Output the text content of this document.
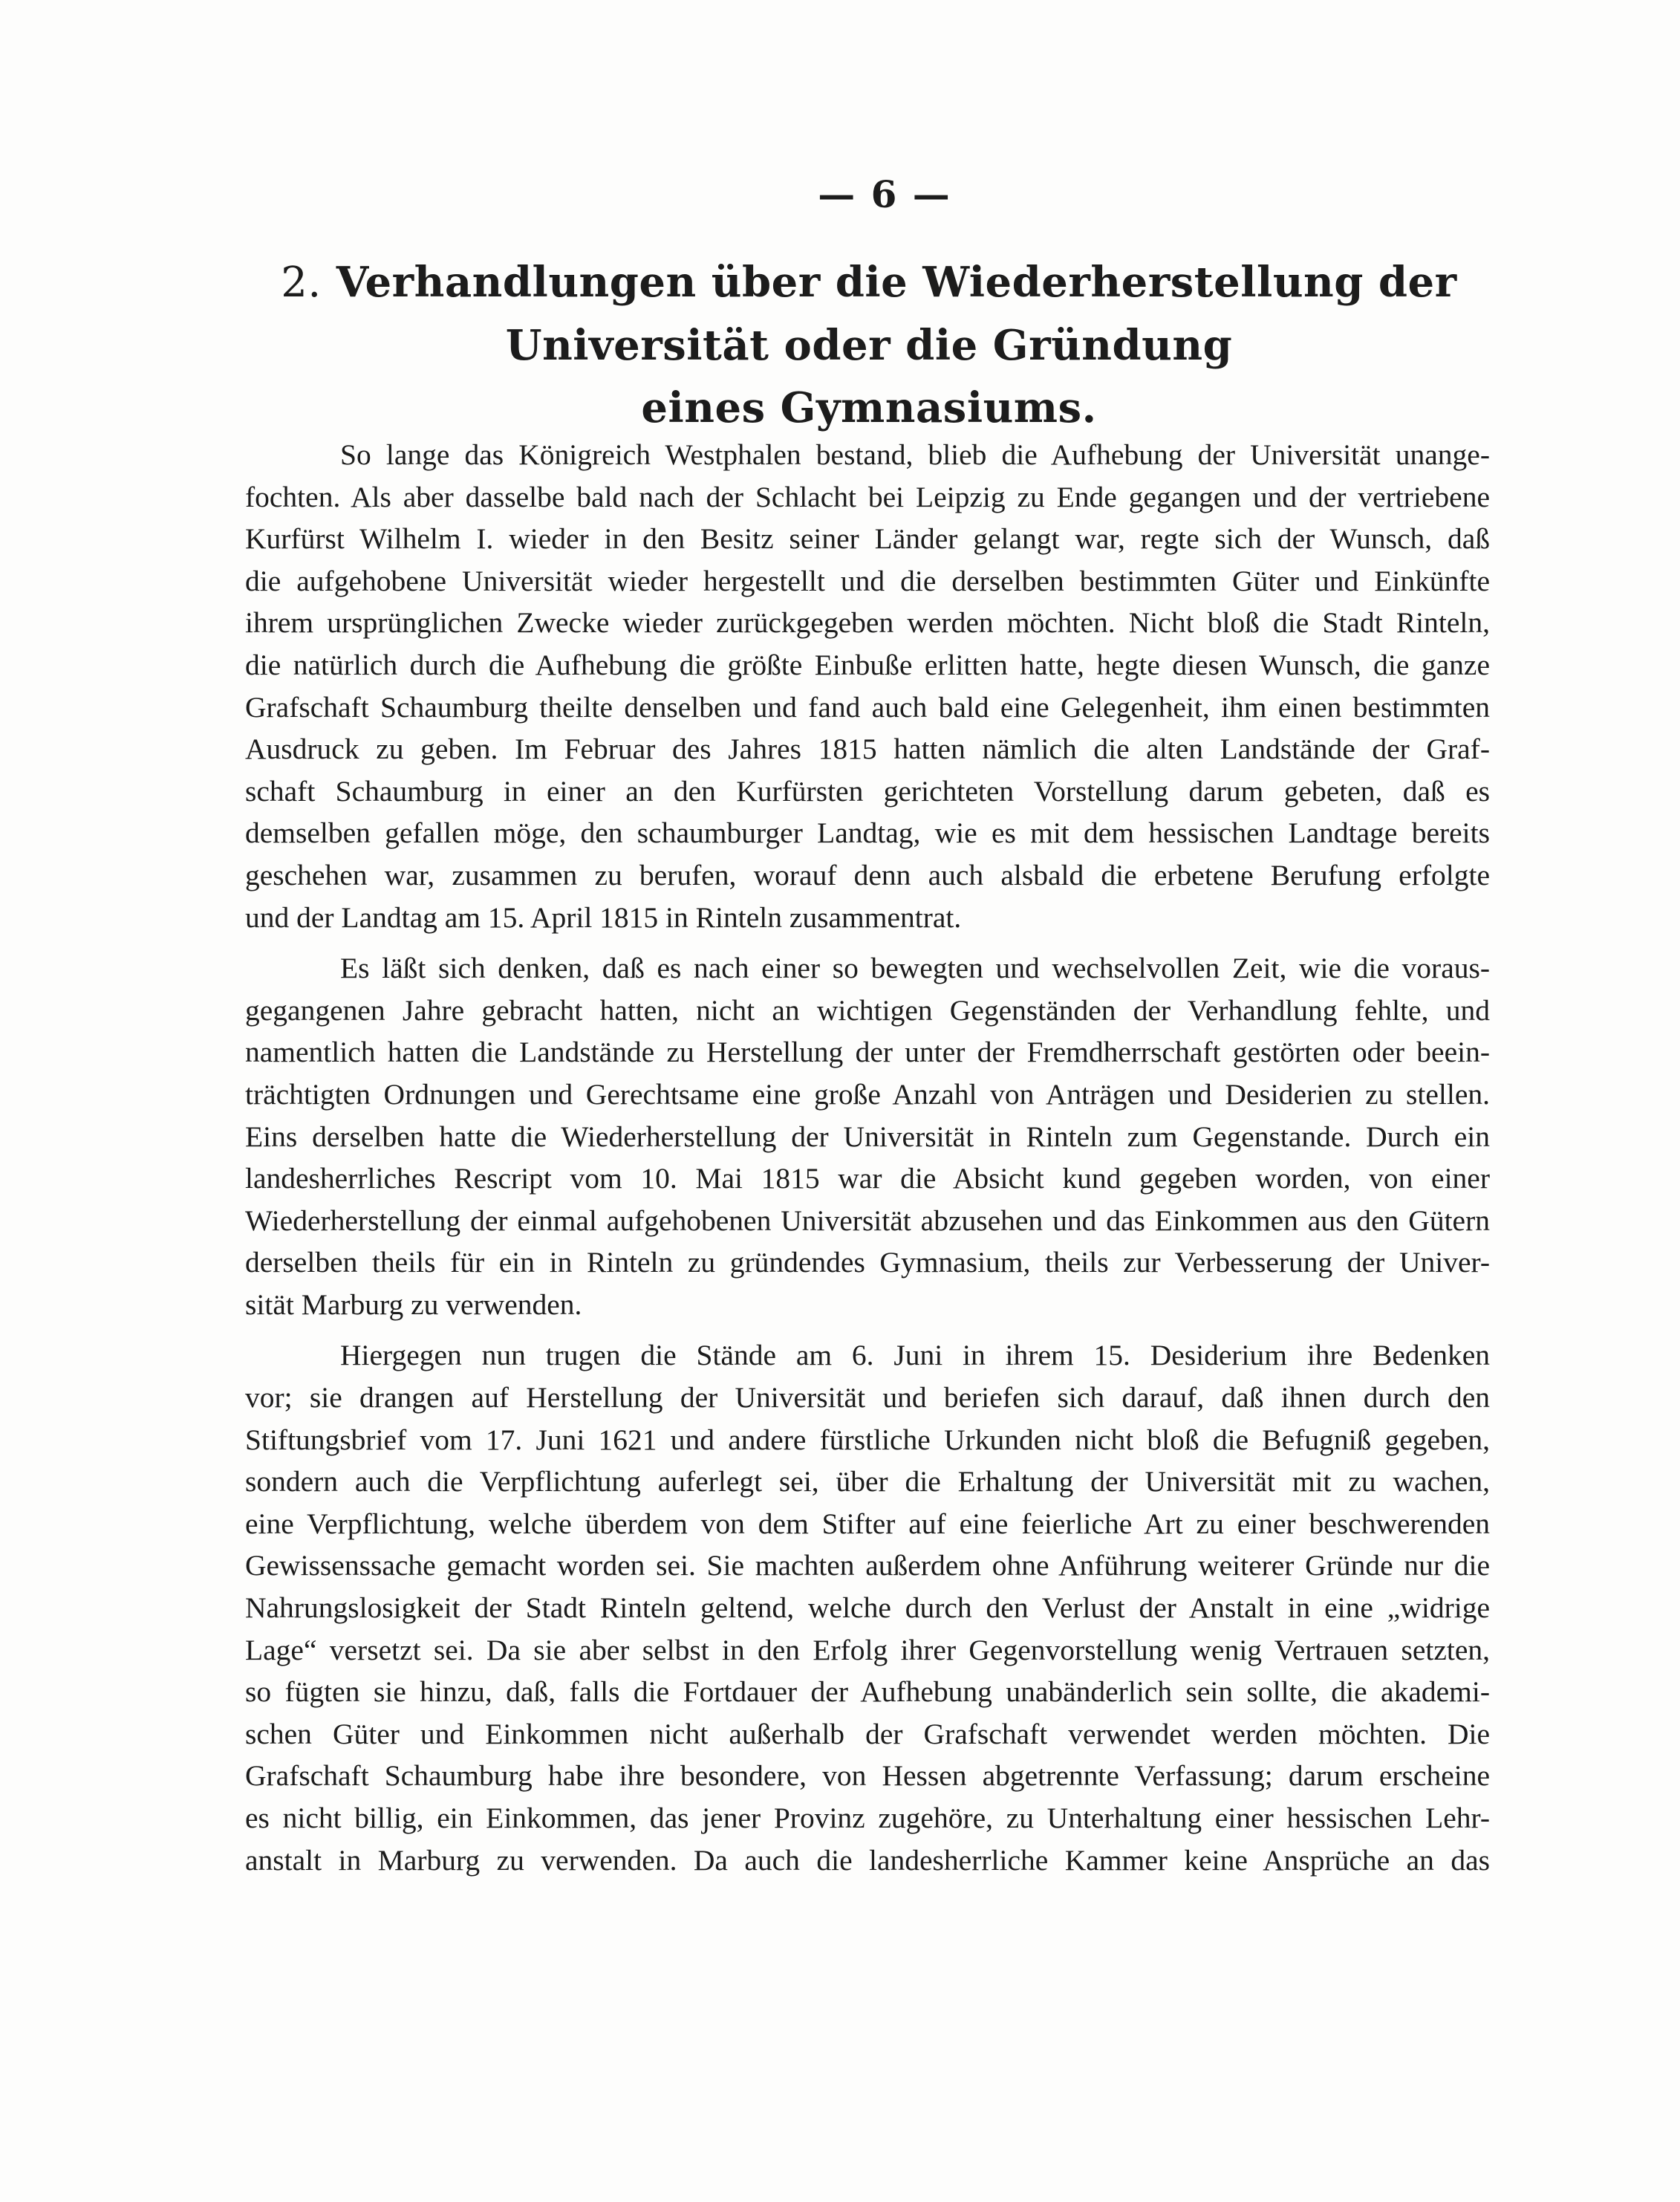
— 6 —
2. Verhandlungen über die Wiederherstellung der Universität oder die Gründung
eines Gymnasiums.
So lange das Königreich Westphalen bestand, blieb die Aufhebung der Universität unange-
fochten. Als aber dasselbe bald nach der Schlacht bei Leipzig zu Ende gegangen und der vertriebene
Kurfürst Wilhelm I. wieder in den Besitz seiner Länder gelangt war, regte sich der Wunsch, daß
die aufgehobene Universität wieder hergestellt und die derselben bestimmten Güter und Einkünfte
ihrem ursprünglichen Zwecke wieder zurückgegeben werden möchten. Nicht bloß die Stadt Rinteln,
die natürlich durch die Aufhebung die größte Einbuße erlitten hatte, hegte diesen Wunsch, die ganze
Grafschaft Schaumburg theilte denselben und fand auch bald eine Gelegenheit, ihm einen bestimmten
Ausdruck zu geben. Im Februar des Jahres 1815 hatten nämlich die alten Landstände der Graf-
schaft Schaumburg in einer an den Kurfürsten gerichteten Vorstellung darum gebeten, daß es
demselben gefallen möge, den schaumburger Landtag, wie es mit dem hessischen Landtage bereits
geschehen war, zusammen zu berufen, worauf denn auch alsbald die erbetene Berufung erfolgte
und der Landtag am 15. April 1815 in Rinteln zusammentrat.
Es läßt sich denken, daß es nach einer so bewegten und wechselvollen Zeit, wie die voraus-
gegangenen Jahre gebracht hatten, nicht an wichtigen Gegenständen der Verhandlung fehlte, und
namentlich hatten die Landstände zu Herstellung der unter der Fremdherrschaft gestörten oder beein-
trächtigten Ordnungen und Gerechtsame eine große Anzahl von Anträgen und Desiderien zu stellen.
Eins derselben hatte die Wiederherstellung der Universität in Rinteln zum Gegenstande. Durch ein
landesherrliches Rescript vom 10. Mai 1815 war die Absicht kund gegeben worden, von einer
Wiederherstellung der einmal aufgehobenen Universität abzusehen und das Einkommen aus den Gütern
derselben theils für ein in Rinteln zu gründendes Gymnasium, theils zur Verbesserung der Univer-
sität Marburg zu verwenden.
Hiergegen nun trugen die Stände am 6. Juni in ihrem 15. Desiderium ihre Bedenken
vor; sie drangen auf Herstellung der Universität und beriefen sich darauf, daß ihnen durch den
Stiftungsbrief vom 17. Juni 1621 und andere fürstliche Urkunden nicht bloß die Befugniß gegeben,
sondern auch die Verpflichtung auferlegt sei, über die Erhaltung der Universität mit zu wachen,
eine Verpflichtung, welche überdem von dem Stifter auf eine feierliche Art zu einer beschwerenden
Gewissenssache gemacht worden sei. Sie machten außerdem ohne Anführung weiterer Gründe nur die
Nahrungslosigkeit der Stadt Rinteln geltend, welche durch den Verlust der Anstalt in eine „widrige
Lage“ versetzt sei. Da sie aber selbst in den Erfolg ihrer Gegenvorstellung wenig Vertrauen setzten,
so fügten sie hinzu, daß, falls die Fortdauer der Aufhebung unabänderlich sein sollte, die akademi-
schen Güter und Einkommen nicht außerhalb der Grafschaft verwendet werden möchten. Die
Grafschaft Schaumburg habe ihre besondere, von Hessen abgetrennte Verfassung; darum erscheine
es nicht billig, ein Einkommen, das jener Provinz zugehöre, zu Unterhaltung einer hessischen Lehr-
anstalt in Marburg zu verwenden. Da auch die landesherrliche Kammer keine Ansprüche an das
